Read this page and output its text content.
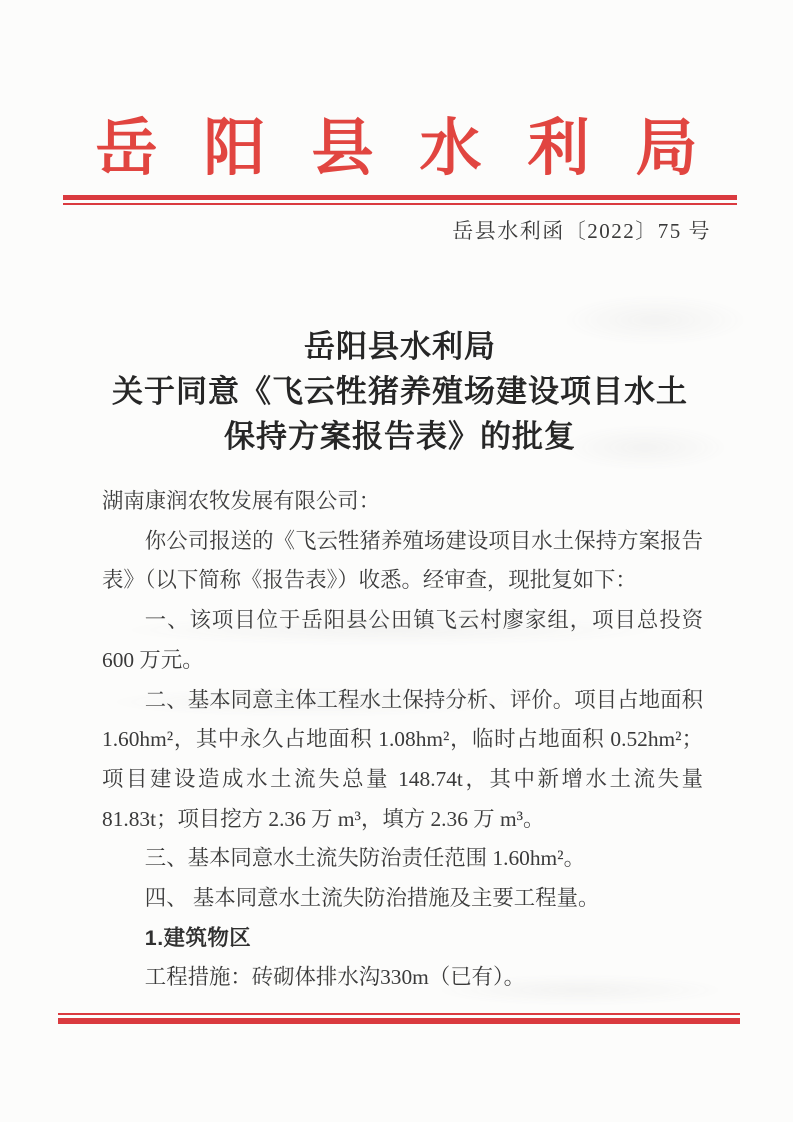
岳阳县水利局
岳县水利函〔2022〕75 号
岳阳县水利局
关于同意《飞云牲猪养殖场建设项目水土
保持方案报告表》的批复

湖南康润农牧发展有限公司：

你公司报送的《飞云牲猪养殖场建设项目水土保持方案报告表》（以下简称《报告表》）收悉。经审查，现批复如下：

一、该项目位于岳阳县公田镇飞云村廖家组，项目总投资 600 万元。

二、基本同意主体工程水土保持分析、评价。项目占地面积 1.60hm²，其中永久占地面积 1.08hm²，临时占地面积 0.52hm²；项目建设造成水土流失总量 148.74t，其中新增水土流失量 81.83t；项目挖方 2.36 万 m³，填方 2.36 万 m³。

三、基本同意水土流失防治责任范围 1.60hm²。

四、 基本同意水土流失防治措施及主要工程量。

1.建筑物区

工程措施：砖砌体排水沟330m（已有）。
